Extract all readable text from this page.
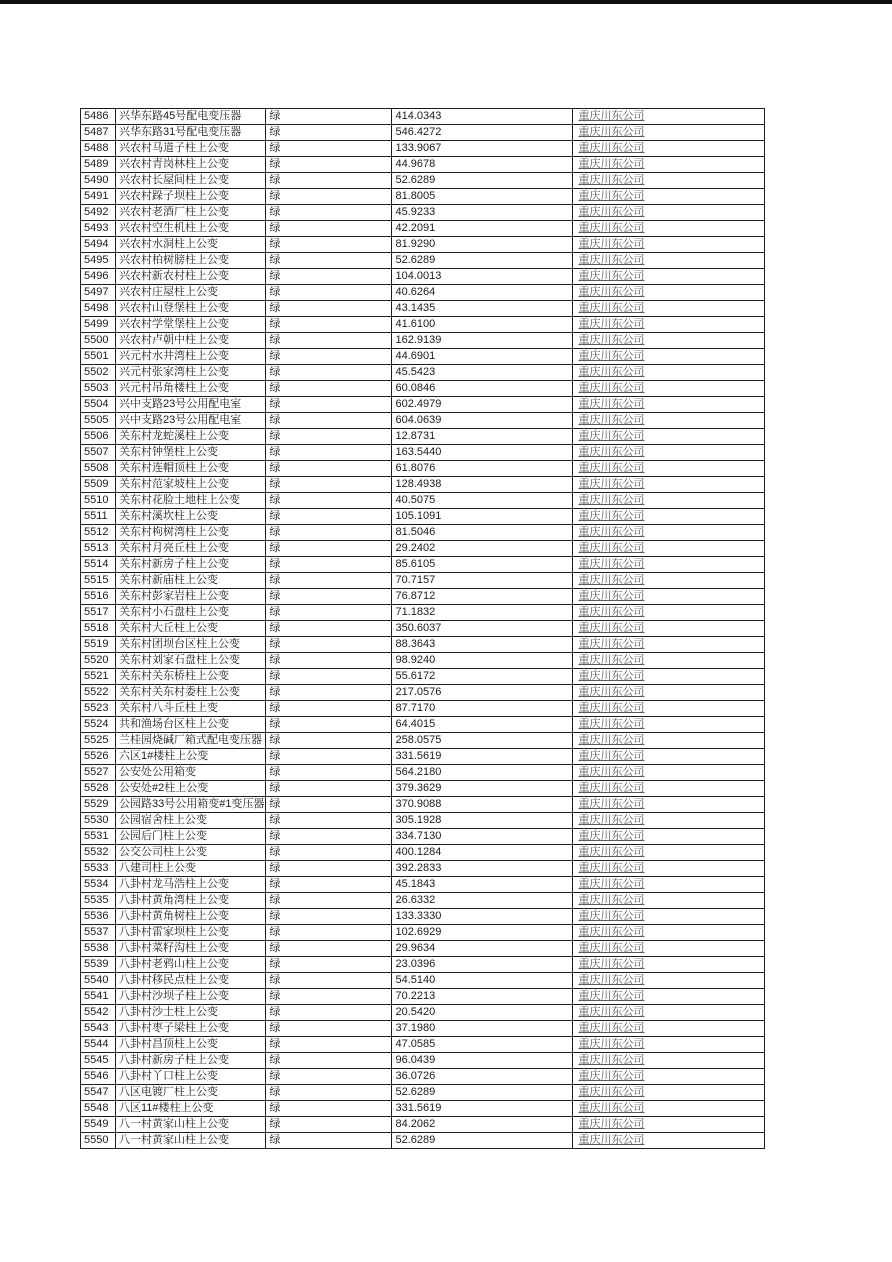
5486	兴华东路45号配电变压器	绿	414.0343	重庆川东公司
5487	兴华东路31号配电变压器	绿	546.4272	重庆川东公司
5488	兴农村马道子柱上公变	绿	133.9067	重庆川东公司
5489	兴农村青岗林柱上公变	绿	44.9678	重庆川东公司
5490	兴农村长屋间柱上公变	绿	52.6289	重庆川东公司
5491	兴农村跺子坝柱上公变	绿	81.8005	重庆川东公司
5492	兴农村老酒厂柱上公变	绿	45.9233	重庆川东公司
5493	兴农村空生机柱上公变	绿	42.2091	重庆川东公司
5494	兴农村水洞柱上公变	绿	81.9290	重庆川东公司
5495	兴农村柏树膀柱上公变	绿	52.6289	重庆川东公司
5496	兴农村新农村柱上公变	绿	104.0013	重庆川东公司
5497	兴农村庄屋柱上公变	绿	40.6264	重庆川东公司
5498	兴农村山登堡柱上公变	绿	43.1435	重庆川东公司
5499	兴农村学堂堡柱上公变	绿	41.6100	重庆川东公司
5500	兴农村卢朝中柱上公变	绿	162.9139	重庆川东公司
5501	兴元村水井湾柱上公变	绿	44.6901	重庆川东公司
5502	兴元村张家湾柱上公变	绿	45.5423	重庆川东公司
5503	兴元村吊角楼柱上公变	绿	60.0846	重庆川东公司
5504	兴中支路23号公用配电室	绿	602.4979	重庆川东公司
5505	兴中支路23号公用配电室	绿	604.0639	重庆川东公司
5506	关东村龙蛇溪柱上公变	绿	12.8731	重庆川东公司
5507	关东村钟堡柱上公变	绿	163.5440	重庆川东公司
5508	关东村连帽顶柱上公变	绿	61.8076	重庆川东公司
5509	关东村范家坡柱上公变	绿	128.4938	重庆川东公司
5510	关东村花脸土地柱上公变	绿	40.5075	重庆川东公司
5511	关东村溪坎柱上公变	绿	105.1091	重庆川东公司
5512	关东村枸树湾柱上公变	绿	81.5046	重庆川东公司
5513	关东村月亮丘柱上公变	绿	29.2402	重庆川东公司
5514	关东村新房子柱上公变	绿	85.6105	重庆川东公司
5515	关东村新庙柱上公变	绿	70.7157	重庆川东公司
5516	关东村彭家岩柱上公变	绿	76.8712	重庆川东公司
5517	关东村小石盘柱上公变	绿	71.1832	重庆川东公司
5518	关东村大丘柱上公变	绿	350.6037	重庆川东公司
5519	关东村团坝台区柱上公变	绿	88.3643	重庆川东公司
5520	关东村刘家石盘柱上公变	绿	98.9240	重庆川东公司
5521	关东村关东桥柱上公变	绿	55.6172	重庆川东公司
5522	关东村关东村委柱上公变	绿	217.0576	重庆川东公司
5523	关东村八斗丘柱上变	绿	87.7170	重庆川东公司
5524	共和渔场台区柱上公变	绿	64.4015	重庆川东公司
5525	兰桂园烧碱厂箱式配电变压器	绿	258.0575	重庆川东公司
5526	六区1#楼柱上公变	绿	331.5619	重庆川东公司
5527	公安处公用箱变	绿	564.2180	重庆川东公司
5528	公安处#2柱上公变	绿	379.3629	重庆川东公司
5529	公园路33号公用箱变#1变压器	绿	370.9088	重庆川东公司
5530	公园宿舍柱上公变	绿	305.1928	重庆川东公司
5531	公园后门柱上公变	绿	334.7130	重庆川东公司
5532	公交公司柱上公变	绿	400.1284	重庆川东公司
5533	八建司柱上公变	绿	392.2833	重庆川东公司
5534	八卦村龙马浩柱上公变	绿	45.1843	重庆川东公司
5535	八卦村黄角湾柱上公变	绿	26.6332	重庆川东公司
5536	八卦村黄角树柱上公变	绿	133.3330	重庆川东公司
5537	八卦村雷家坝柱上公变	绿	102.6929	重庆川东公司
5538	八卦村菜籽沟柱上公变	绿	29.9634	重庆川东公司
5539	八卦村老鸦山柱上公变	绿	23.0396	重庆川东公司
5540	八卦村移民点柱上公变	绿	54.5140	重庆川东公司
5541	八卦村沙坝子柱上公变	绿	70.2213	重庆川东公司
5542	八卦村沙土柱上公变	绿	20.5420	重庆川东公司
5543	八卦村枣子梁柱上公变	绿	37.1980	重庆川东公司
5544	八卦村昌顶柱上公变	绿	47.0585	重庆川东公司
5545	八卦村新房子柱上公变	绿	96.0439	重庆川东公司
5546	八卦村丫口柱上公变	绿	36.0726	重庆川东公司
5547	八区电镀厂柱上公变	绿	52.6289	重庆川东公司
5548	八区11#楼柱上公变	绿	331.5619	重庆川东公司
5549	八一村黄家山柱上公变	绿	84.2062	重庆川东公司
5550	八一村黄家山柱上公变	绿	52.6289	重庆川东公司
